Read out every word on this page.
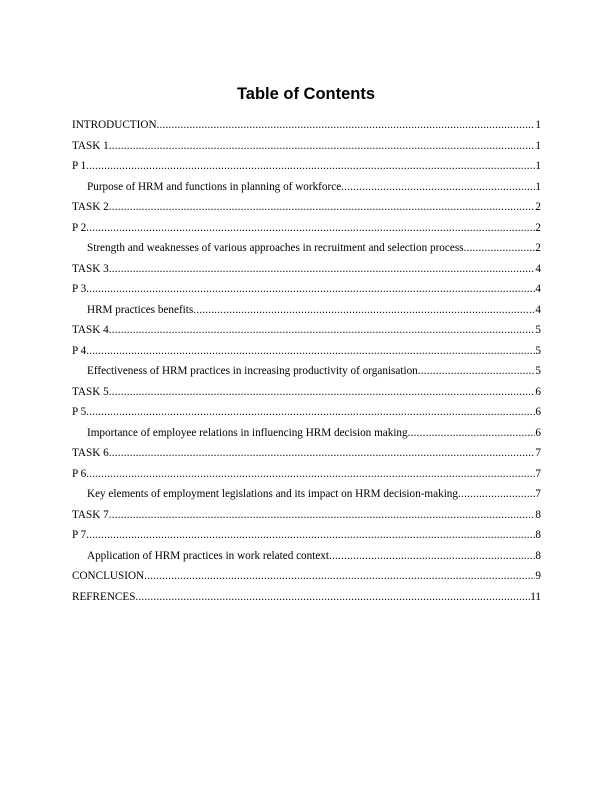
Table of Contents
INTRODUCTION .....	1
TASK 1 .....	1
P 1 .....	1
Purpose of HRM and functions in planning of workforce .....	1
TASK 2 .....	2
P 2 .....	2
Strength and weaknesses of various approaches in recruitment and selection process .....	2
TASK 3 .....	4
P 3 .....	4
HRM practices benefits .....	4
TASK 4 .....	5
P 4 .....	5
Effectiveness of HRM practices in increasing productivity of organisation .....	5
TASK 5 .....	6
P 5 .....	6
Importance of employee relations in influencing HRM decision making .....	6
TASK 6 .....	7
P 6 .....	7
Key elements of employment legislations and its impact on HRM decision-making .....	7
TASK 7 .....	8
P 7 .....	8
Application of HRM practices in work related context .....	8
CONCLUSION .....	9
REFRENCES .....	11
